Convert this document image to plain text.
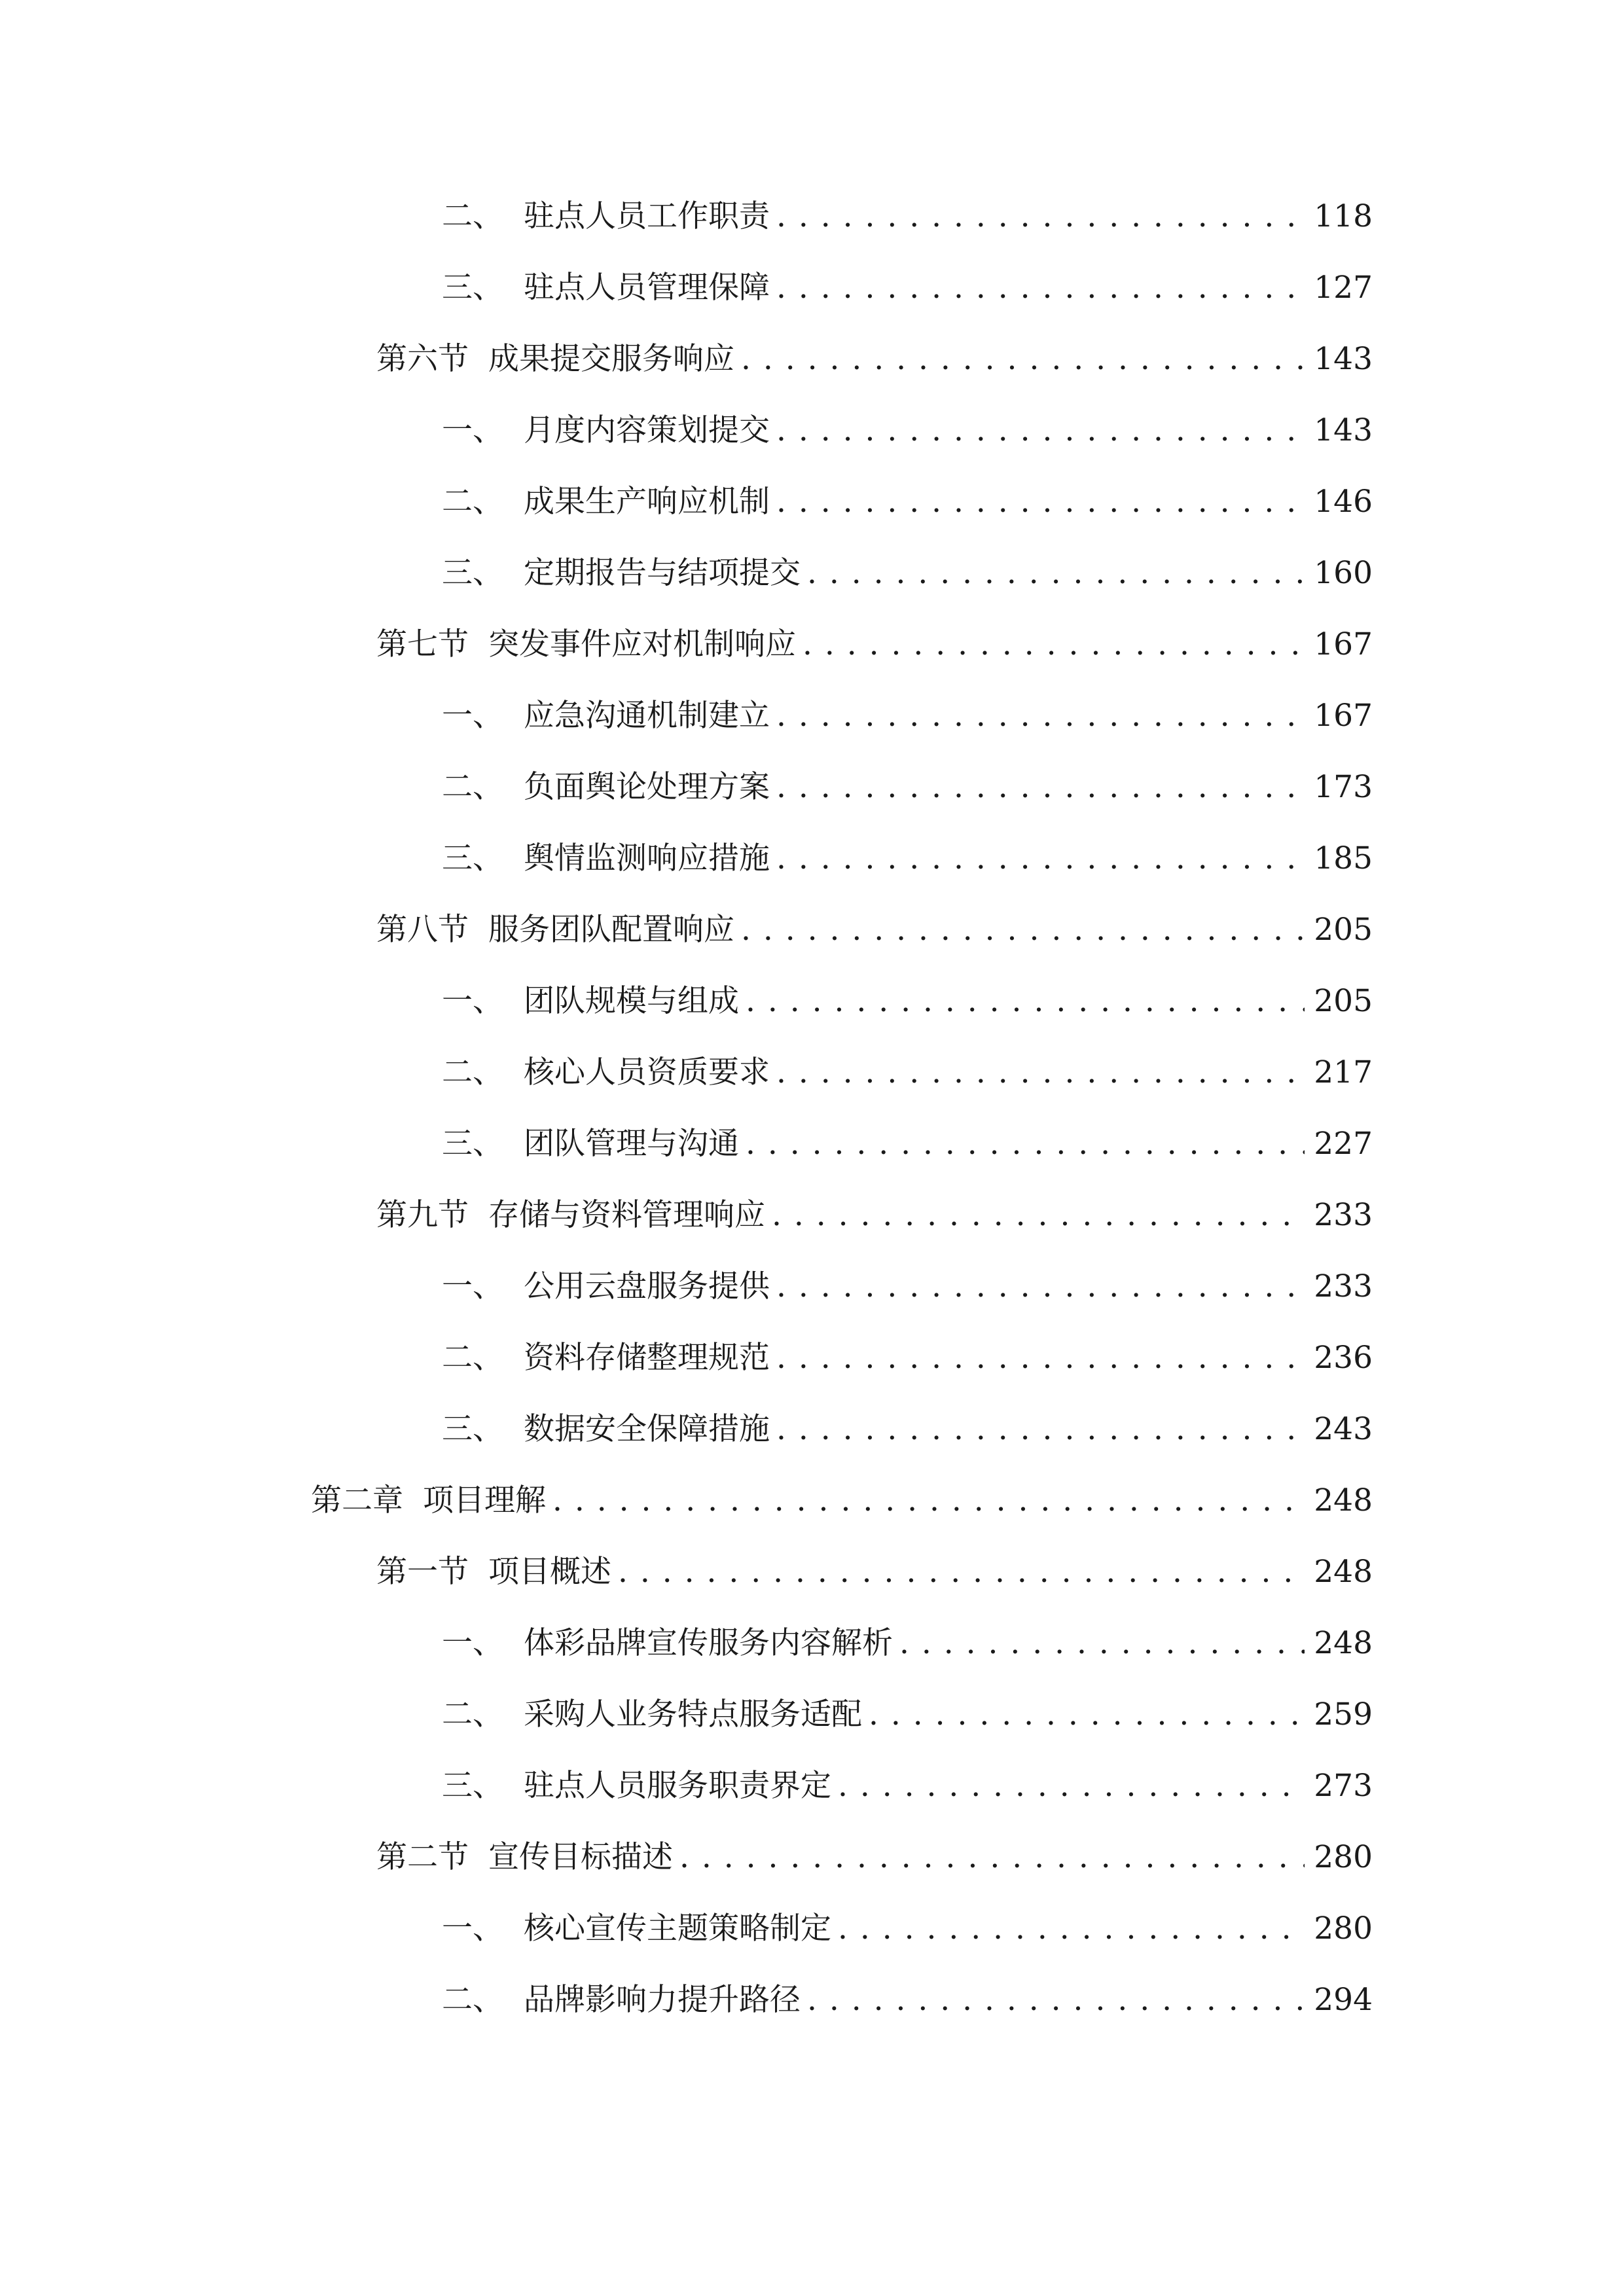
二、 驻点人员工作职责 . . .	118
三、 驻点人员管理保障 . . .	127
第六节 成果提交服务响应 . . .	143
一、 月度内容策划提交 . . .	143
二、 成果生产响应机制 . . .	146
三、 定期报告与结项提交 . . .	160
第七节 突发事件应对机制响应 . . .	167
一、 应急沟通机制建立 . . .	167
二、 负面舆论处理方案 . . .	173
三、 舆情监测响应措施 . . .	185
第八节 服务团队配置响应 . . .	205
一、 团队规模与组成 . . .	205
二、 核心人员资质要求 . . .	217
三、 团队管理与沟通 . . .	227
第九节 存储与资料管理响应 . . .	233
一、 公用云盘服务提供 . . .	233
二、 资料存储整理规范 . . .	236
三、 数据安全保障措施 . . .	243
第二章 项目理解 . . .	248
第一节 项目概述 . . .	248
一、 体彩品牌宣传服务内容解析 . . .	248
二、 采购人业务特点服务适配 . . .	259
三、 驻点人员服务职责界定 . . .	273
第二节 宣传目标描述 . . .	280
一、 核心宣传主题策略制定 . . .	280
二、 品牌影响力提升路径 . . .	294
